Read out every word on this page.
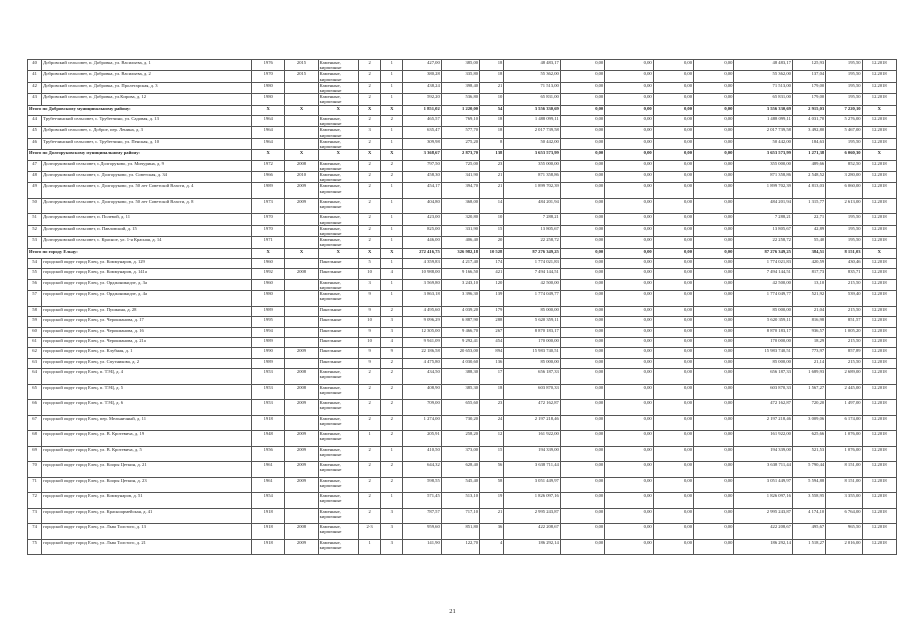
40	Добровский сельсовет, п. Добровка, ул. Васильева, д. 1	1976	2015	Каменные, кирпичные	2	1	427,00	385,00	18	48 483,17	0,00	0,00	0,00	0,00	48 483,17	125,93	195,50	12.2018
41	Добровский сельсовет, п. Добровка, ул. Васильева, д. 2	1970	2015	Каменные, кирпичные	2	1	380,28	335,80	18	55 362,00	0,00	0,00	0,00	0,00	55 362,00	137,04	195,50	12.2018
42	Добровский сельсовет, п. Добровка, ул. Пролетарская, д. 3	1980		Каменные, кирпичные	2	1	438,24	398,40	21	71 513,00	0,00	0,00	0,00	0,00	71 513,00	179,00	195,50	12.2018
43	Добровский сельсовет, п. Добровка, ул.Кирова, д. 12	1980		Каменные, кирпичные	2	1	592,20	536,80	10	65 831,00	0,00	0,00	0,00	0,00	65 831,00	179,00	195,50	12.2018
Итого по Добровскому муниципальному району:		X	X	X	X	X	1 851,02	1 220,00	54	3 556 330,69	0,00	0,00	0,00	0,00	3 556 330,69	2 915,03	7 220,10	X
44	Трубетчинский сельсовет, с. Трубетчино, ул. Садовая, д. 13	1964		Каменные, кирпичные	2	2	465,57	769,10	18	1 488 099,11	0,00	0,00	0,00	0,00	1 488 099,11	4 031,70	5 276,00	12.2018
45	Добровский сельсовет, с. Доброе, пер. Ленина, д. 3	1964		Каменные, кирпичные	3	1	635,47	577,70	18	2 017 739,58	0,00	0,00	0,00	0,00	2 017 739,58	3 492,80	5 467,00	12.2018
46	Трубетчинский сельсовет, с. Трубетчино, ул. Пенская, д. 10	1964		Каменные, кирпичные	2	1	309,98	275,20	8	50 442,00	0,00	0,00	0,00	0,00	50 442,00	184,63	195,50	12.2018
Итого по Долгоруковскому муниципальному району:		X	X	X	X	X	3 368,67	2 873,70	138	3 653 573,99	0,00	0,00	0,00	0,00	3 653 573,99	1 271,38	6 060,30	X
47	Долгоруковский сельсовет, с.Долгоруково, ул. Мичурина, д. 9	1972	2008	Каменные, кирпичные	2	2	797,50	725,00	23	355 000,00	0,00	0,00	0,00	0,00	355 000,00	489,66	852,50	12.2018
48	Долгоруковский сельсовет, с. Долгоруково, ул. Советская, д. 34	1966	2010	Каменные, кирпичные	2	2	458,30	341,90	21	871 358,86	0,00	0,00	0,00	0,00	871 358,86	2 548,52	3 280,00	12.2018
49	Долгоруковский сельсовет, с. Долгоруково, ул. 50 лет Советской Власти, д. 4	1989	2009	Каменные, кирпичные	2	1	454,17	394,70	21	1 899 702,39	0,00	0,00	0,00	0,00	1 899 702,39	4 813,03	6 060,00	12.2018
50	Долгоруковский сельсовет, с. Долгоруково, ул. 50 лет Советской Власти, д. 8	1973	2009	Каменные, кирпичные	2	1	404,80	368,00	14	484 201,94	0,00	0,00	0,00	0,00	484 201,94	1 315,77	2 613,00	12.2018
51	Долгоруковский сельсовет, п. Полевой, д. 11	1970		Каменные, кирпичные	2	1	423,00	320,80	10	7 288,21	0,00	0,00	0,00	0,00	7 288,21	22,71	195,50	12.2018
52	Долгоруковский сельсовет, п. Павловский, д. 15	1970		Каменные, кирпичные	2	1	825,00	331,90	15	13 805,67	0,00	0,00	0,00	0,00	13 805,67	42,89	195,50	12.2018
53	Долгоруковский сельсовет, с. Красное, ул. 1-я Красная, д. 14	1971		Каменные, кирпичные	2	1	446,00	406,40	20	22 258,72	0,00	0,00	0,00	0,00	22 258,72	55,40	195,50	12.2018
Итого по городу Ельцу:		X	X	X	X	X	272 416,75	326 982,18	10 528	87 276 349,25	0,00	0,00	0,00	0,00	87 276 349,25	384,51	8 151,03	X
54	городской округ город Елец, ул. Коммунаров, д. 129	1960		Панельные	5	1	4 359,83	4 217,40	174	1 774 021,83	0,00	0,00	0,00	0,00	1 774 021,83	420,59	430,46	12.2018
55	городской округ город Елец, ул. Коммунаров, д. 141а	1992	2008	Панельные	10	4	10 988,00	9 166,50	421	7 494 144,51	0,00	0,00	0,00	0,00	7 494 144,51	817,73	835,71	12.2018
56	городской округ город Елец, ул. Орджоникидзе, д. 3а	1960		Каменные, кирпичные	3	1	3 569,80	3 243,10	120	42 500,00	0,00	0,00	0,00	0,00	42 500,00	13,10	215,50	12.2018
57	городской округ город Елец, ул. Орджоникидзе, д. 4а	1980		Каменные, кирпичные	9	1	3 863,18	3 396,30	139	1 774 049,77	0,00	0,00	0,00	0,00	1 774 049,77	521,92	539,40	12.2018
58	городской округ город Елец, ул. Пушкина, д. 28	1989		Панельные	9	2	4 495,60	4 039,20	179	85 000,00	0,00	0,00	0,00	0,00	85 000,00	21,04	215,50	12.2018
59	городской округ город Елец, ул. Черокманова, д. 17	1995		Панельные	10	3	9 096,29	6 887,90	288	5 620 359,11	0,00	0,00	0,00	0,00	5 620 359,11	816,98	851,57	12.2018
60	городской округ город Елец, ул. Черокманова, д. 16	1994		Панельные	9	3	12 305,00	9 466,70	267	8 870 183,17	0,00	0,00	0,00	0,00	8 870 183,17	936,57	1 005,20	12.2018
61	городской округ город Елец, ул. Черокманова, д. 21а	1989		Панельные	10	4	9 941,09	9 292,41	454	170 000,00	0,00	0,00	0,00	0,00	170 000,00	18,29	215,50	12.2018
62	городской округ город Елец, ул. Клубная, д. 1	1990	2009	Панельные	9	9	22 186,58	20 653,00	894	15 983 740,51	0,00	0,00	0,00	0,00	15 983 740,51	773,97	857,89	12.2018
63	городской округ город Елец, ул. Спутникова, д. 2	1989		Панельные	9	2	4 475,80	4 030,60	136	85 000,00	0,00	0,00	0,00	0,00	85 000,00	21,14	215,50	12.2018
64	городской округ город Елец, п. ТЭЦ, д. 4	1953	2008	Каменные, кирпичные	2	2	434,50	388,30	17	656 187,33	0,00	0,00	0,00	0,00	656 187,33	1 689,93	2 689,00	12.2018
65	городской округ город Елец, п. ТЭЦ, д. 5	1953	2008	Каменные, кирпичные	2	2	408,90	385,30	18	603 870,33	0,00	0,00	0,00	0,00	603 870,33	1 567,27	2 445,00	12.2018
66	городской округ город Елец, п. ТЭЦ, д. 6	1953	2009	Каменные, кирпичные	2	2	709,00	655,60	23	472 162,87	0,00	0,00	0,00	0,00	472 162,87	720,20	1 497,00	12.2018
67	городской округ город Елец, пер. Мельничный, д. 11	1918		Каменные, кирпичные	2	2	1 274,00	730,20	24	2 197 218,46	0,00	0,00	0,00	0,00	2 197 218,46	3 009,06	6 174,00	12.2018
68	городской округ город Елец, ул. В. Кротевича, д. 19	1948	2009	Каменные, кирпичные	1	2	205,91	258,20	12	161 922,00	0,00	0,00	0,00	0,00	161 922,00	625,66	1 076,00	12.2018
69	городской округ город Елец, ул. В. Кротевича, д. 5	1956	2009	Каменные, кирпичные	2	1	410,50	373,00	15	194 339,00	0,00	0,00	0,00	0,00	194 339,00	521,53	1 076,00	12.2018
70	городской округ город Елец, ул. Кооры Цеткин, д. 21	1961	2009	Каменные, кирпичные	2	2	644,32	628,40	56	3 638 711,44	0,00	0,00	0,00	0,00	3 638 711,44	5 790,44	8 151,00	12.2018
71	городской округ город Елец, ул. Кооры Цеткин, д. 23	1961	2009	Каменные, кирпичные	2	2	598,55	545,40	58	3 051 449,97	0,00	0,00	0,00	0,00	3 051 449,97	5 594,88	8 151,00	12.2018
72	городской округ город Елец, ул. Коммунаров, д. 51	1954		Каменные, кирпичные	2	1	571,45	513,10	19	1 826 097,16	0,00	0,00	0,00	0,00	1 826 097,16	3 558,95	3 355,00	12.2018
73	городской округ город Елец, ул. Красноармейская, д. 41	1918		Каменные, кирпичные	2	3	787,57	717,10	21	2 995 243,87	0,00	0,00	0,00	0,00	2 995 243,87	4 174,10	6 764,00	12.2018
74	городской округ город Елец, ул. Льва Толстого, д. 13	1918	2008	Каменные, кирпичные	2-3	3	959,60	851,80	36	422 208,67	0,00	0,00	0,00	0,00	422 208,67	495,67	965,50	12.2018
75	городской округ город Елец, ул. Льва Толстого, д. 21	1918	2009	Каменные, кирпичные	1	3	141,90	122,70	4	186 292,14	0,00	0,00	0,00	0,00	186 292,14	1 518,27	2 016,00	12.2018
21
